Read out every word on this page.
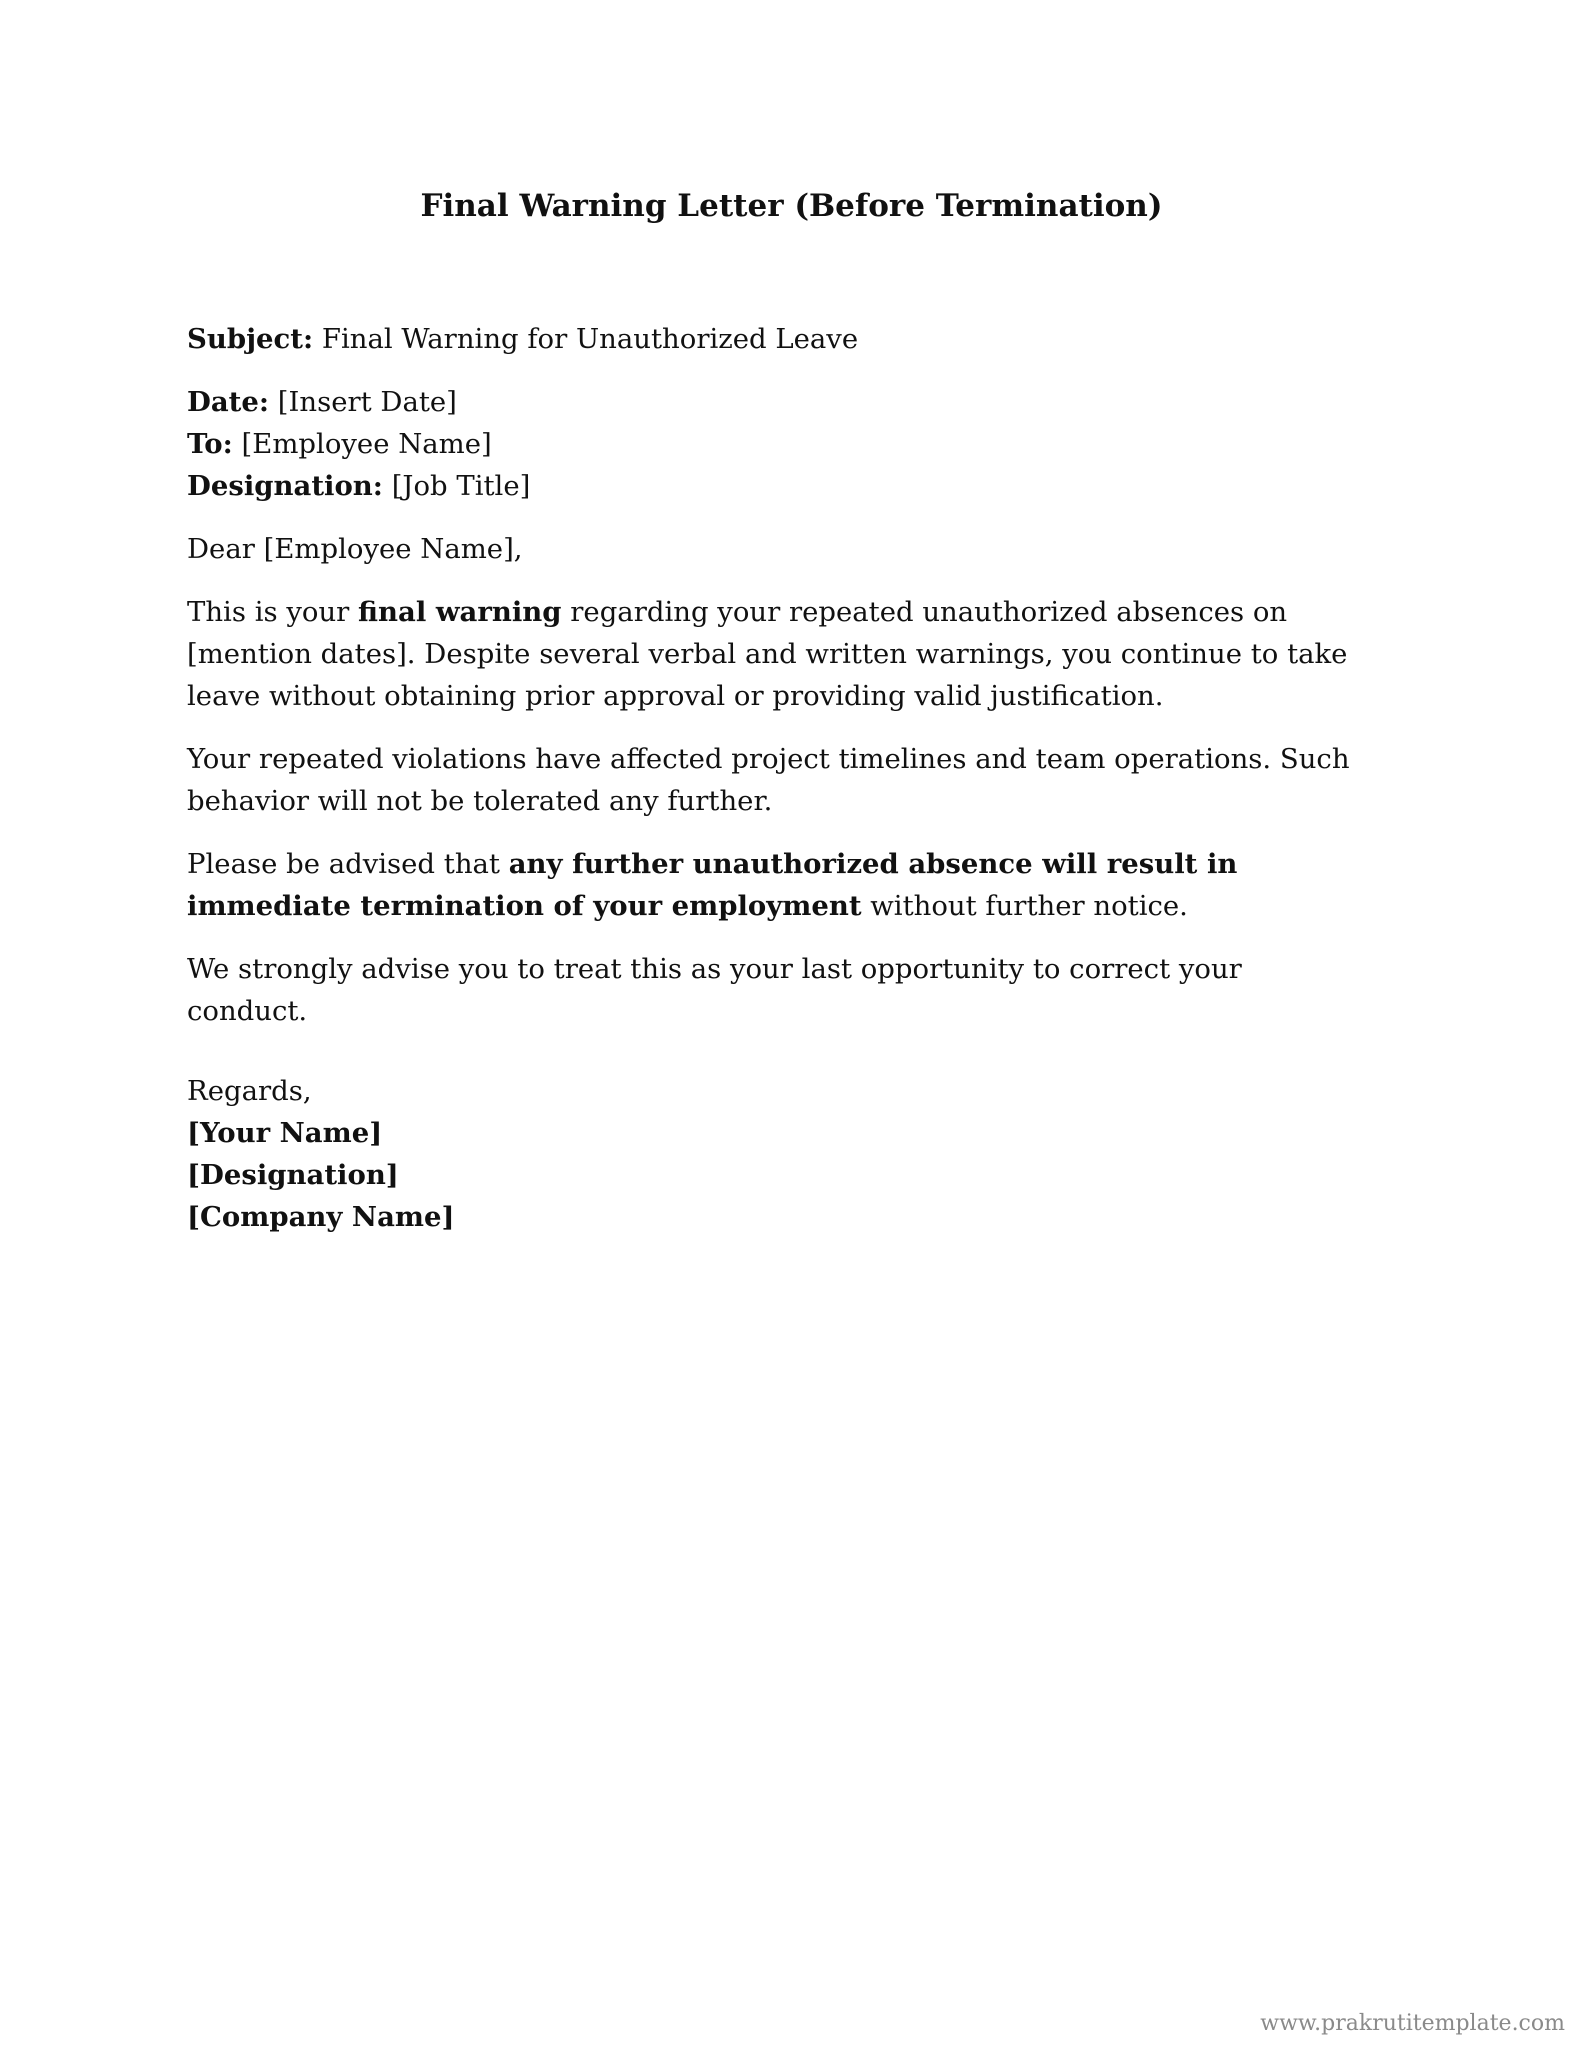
Final Warning Letter (Before Termination)

Subject: Final Warning for Unauthorized Leave

Date: [Insert Date]
To: [Employee Name]
Designation: [Job Title]

Dear [Employee Name],

This is your final warning regarding your repeated unauthorized absences on [mention dates]. Despite several verbal and written warnings, you continue to take leave without obtaining prior approval or providing valid justification.

Your repeated violations have affected project timelines and team operations. Such behavior will not be tolerated any further.

Please be advised that any further unauthorized absence will result in immediate termination of your employment without further notice.

We strongly advise you to treat this as your last opportunity to correct your conduct.

Regards,
[Your Name]
[Designation]
[Company Name]
www.prakrutitemplate.com
